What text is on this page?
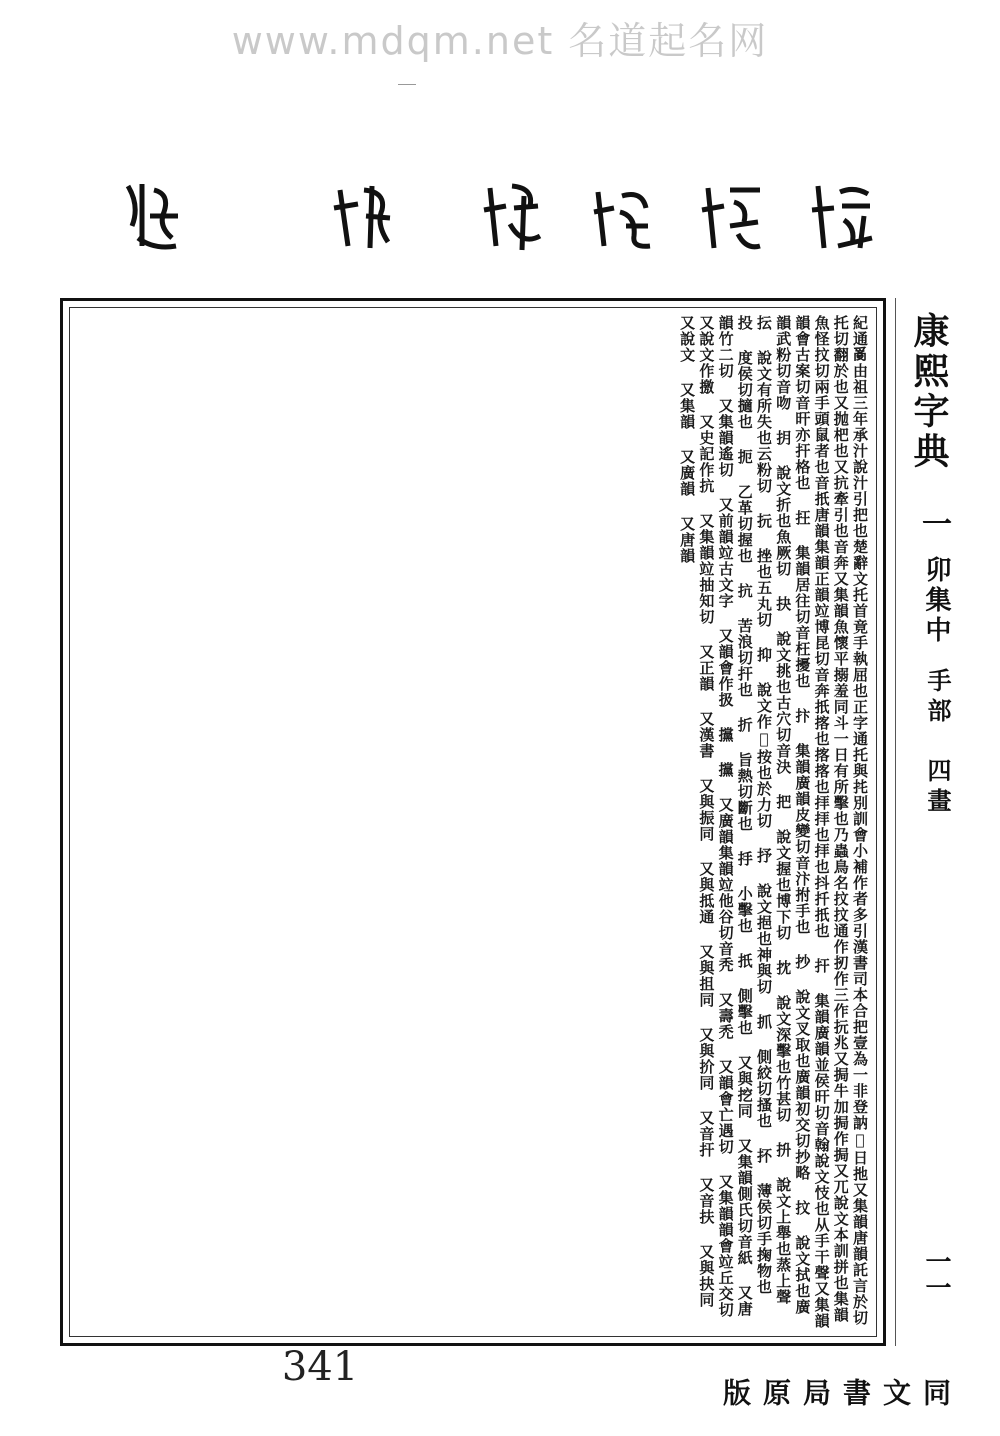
www.mdqm.net 名道起名网
紀通𤔔由祖三年承汁說汁引把也楚辭文托首竟手執屈也正字通托與扥別訓會小補作者多引漢書司本合把壹為一非登訥𢊢日扡又集韻唐韻託言於切托切翻於也又抛杷也又抗牽引也音奔又集韻魚懷平搦羞同斗一日有所擊也乃蟲鳥名抆抆通作扨作三作抏兆又挶牛加挶作挶又兀說文本訓拼也集韻魚怪抆切兩手頭鼠者也音扺唐韻集韻正韻竝博昆切音奔扺揢也揢揢也拝拝也拝也抖扦扺也 扞 集韻廣韻並侯旰切音翰說文忮也从手干聲又集韻韻會古案切音旰亦扞格也 抂 集韻居往切音枉擾也 抃 集韻廣韻皮變切音汴拊手也 抄 說文叉取也廣韻初交切抄略 抆 說文拭也廣韻武粉切音吻 抈 說文折也魚厥切 抉 說文挑也古穴切音決 把 說文握也博下切 抌 說文深擊也竹甚切 抍 說文上舉也蒸上聲 抎 說文有所失也云粉切 抏 挫也五丸切 抑 說文作𢪋按也於力切 抒 說文挹也神與切 抓 側絞切搔也 抔 薄侯切手掬物也 投 度侯切擿也 扼 乙革切握也 抗 苦浪切扞也 折 旨熱切斷也 抙 小擊也 扺 側擊也 又與挖同 又集韻側氏切音紙 又唐韻竹二切 又集韻遙切 又前韻竝古文字 又韻會作扱 攩 攩 又廣韻集韻竝他谷切音秃 又壽禿 又韻會亡遇切 又集韻韻會竝丘交切 又說文作撽 又史記作抗 又集韻竝抽知切 又正韻 又漢書 又與振同 又與抵通 又與抯同 又與扴同 又音扞 又音扶 又與抉同 又說文 又集韻 又廣韻 又唐韻	康熙字典
一
卯集中
手部
四畫
一一
同文書局原版
341
